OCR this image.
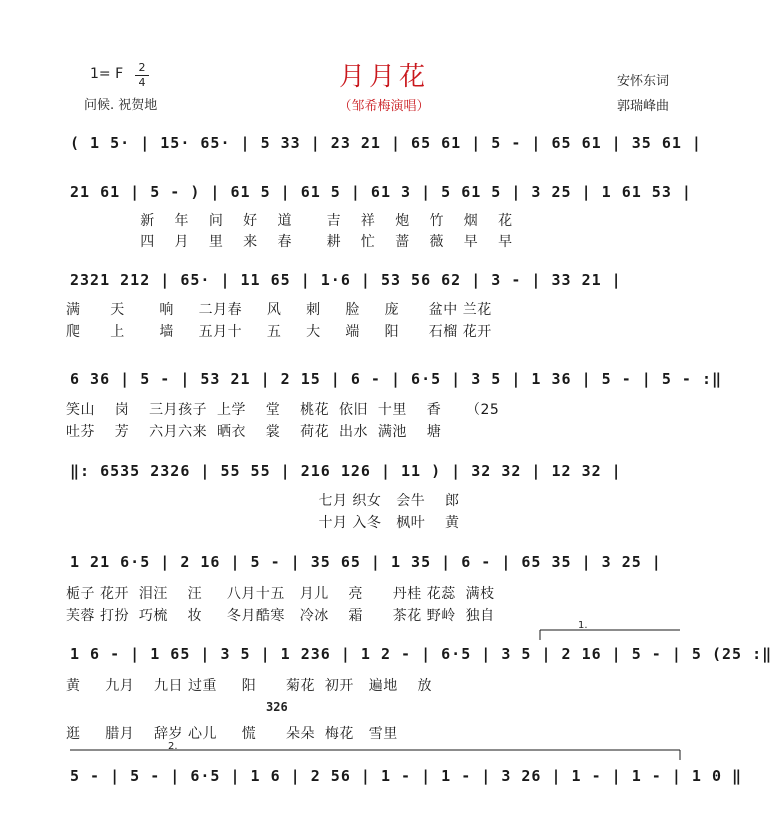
月月花
（邹希梅演唱）
1= F	2
4
问候. 祝贺地
安怀东词
郭瑞峰曲
( 1 5· | 15· 65· | 5 33 | 23 21 | 65 61 | 5 - | 65 61 | 35 61 |
21 61 | 5 - ) | 61 5 | 61 5 | 61 3 | 5 61 5 | 3 25 | 1 61 53 |
新    年    问    好    道       吉    祥    炮    竹    烟    花
四    月    里    来    春       耕    忙    蔷    薇    早    早
2321 212 | 65· | 11 65 | 1·6 | 53 56 62 | 3 - | 33 21 |
满      天       响     二月春     风     刺     脸     庞      盆中 兰花
爬      上       墙     五月十     五     大     端     阳      石榴 花开
6 36 | 5 - | 53 21 | 2 15 | 6 - | 6·5 | 3 5 | 1 36 | 5 - | 5 - :‖
笑山    岗    三月孩子  上学    堂    桃花  依旧  十里    香     （25
吐芬    芳    六月六来  晒衣    裳    荷花  出水  满池    塘
‖: 6535 2326 | 55 55 | 216 126 | 11 ) | 32 32 | 12 32 |
七月 织女   会牛    郎
十月 入冬   枫叶    黄
1 21 6·5 | 2 16 | 5 - | 35 65 | 1 35 | 6 - | 65 35 | 3 25 |
栀子 花开  泪汪    汪     八月十五   月儿    亮      丹桂 花蕊  满枝
芙蓉 打扮  巧梳    妆     冬月酷寒   冷冰    霜      茶花 野岭  独自
1.
1 6 - | 1 65 | 3 5 | 1 236 | 1 2 - | 6·5 | 3 5 | 2 16 | 5 - | 5 (25 :‖
黄     九月    九日 过重     阳      菊花  初开   遍地    放
326
逛     腊月    辞岁 心儿     慌      朵朵  梅花   雪里
2.
5 - | 5 - | 6·5 | 1 6 | 2 56 | 1 - | 1 - | 3 26 | 1 - | 1 - | 1 0 ‖
